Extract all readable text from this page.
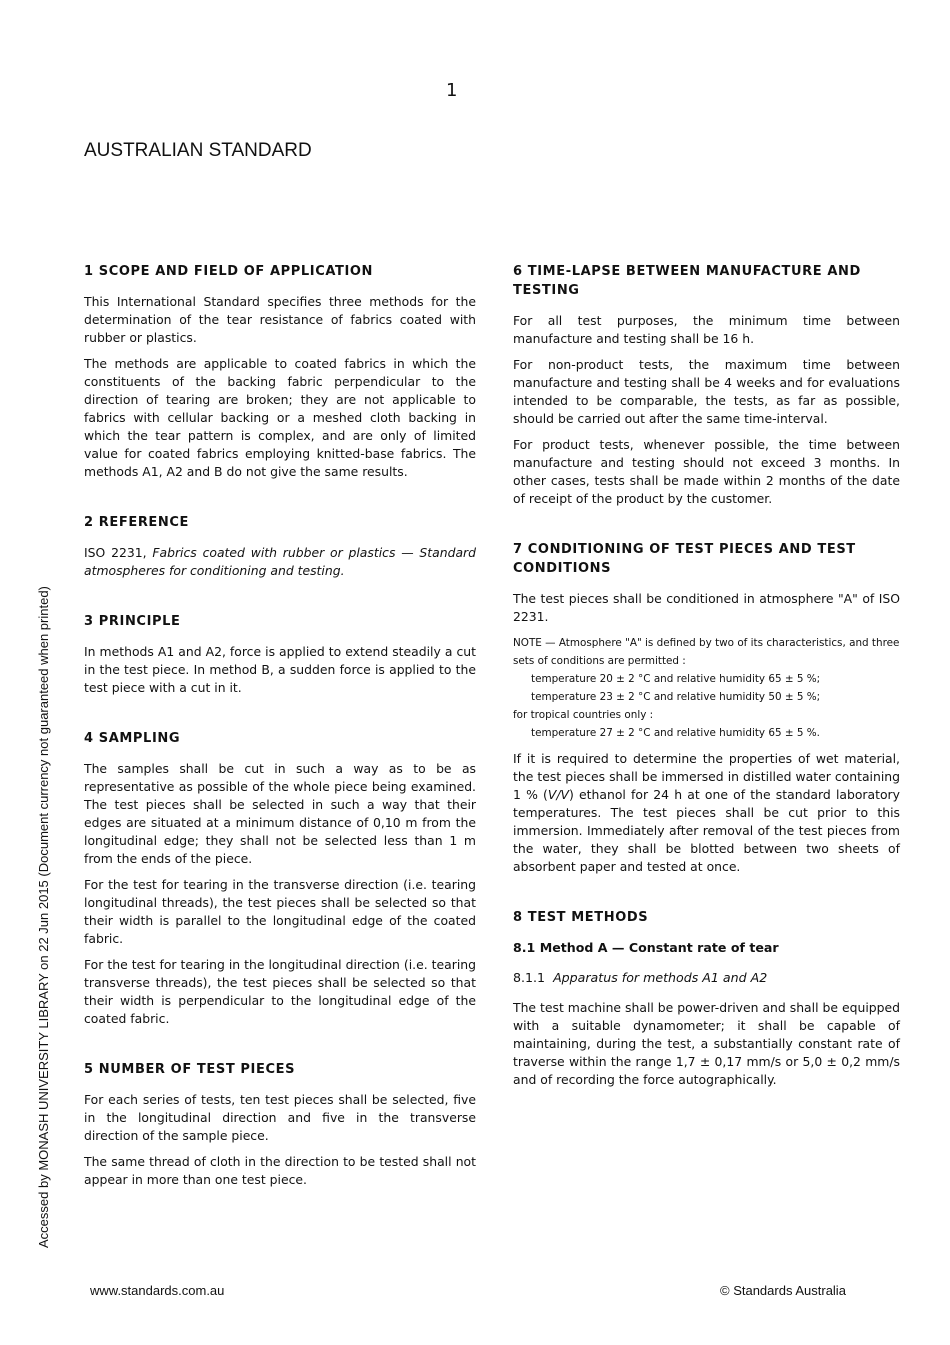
1
AUSTRALIAN STANDARD
Accessed by MONASH UNIVERSITY LIBRARY on 22 Jun 2015 (Document currency not guaranteed when printed)
1 SCOPE AND FIELD OF APPLICATION

This International Standard specifies three methods for the determination of the tear resistance of fabrics coated with rubber or plastics.

The methods are applicable to coated fabrics in which the constituents of the backing fabric perpendicular to the direction of tearing are broken; they are not applicable to fabrics with cellular backing or a meshed cloth backing in which the tear pattern is complex, and are only of limited value for coated fabrics employing knitted-base fabrics. The methods A1, A2 and B do not give the same results.

2 REFERENCE

ISO 2231, Fabrics coated with rubber or plastics — Standard atmospheres for conditioning and testing.

3 PRINCIPLE

In methods A1 and A2, force is applied to extend steadily a cut in the test piece. In method B, a sudden force is applied to the test piece with a cut in it.

4 SAMPLING

The samples shall be cut in such a way as to be as representative as possible of the whole piece being examined. The test pieces shall be selected in such a way that their edges are situated at a minimum distance of 0,10 m from the longitudinal edge; they shall not be selected less than 1 m from the ends of the piece.

For the test for tearing in the transverse direction (i.e. tearing longitudinal threads), the test pieces shall be selected so that their width is parallel to the longitudinal edge of the coated fabric.

For the test for tearing in the longitudinal direction (i.e. tearing transverse threads), the test pieces shall be selected so that their width is perpendicular to the longitudinal edge of the coated fabric.

5 NUMBER OF TEST PIECES

For each series of tests, ten test pieces shall be selected, five in the longitudinal direction and five in the transverse direction of the sample piece.

The same thread of cloth in the direction to be tested shall not appear in more than one test piece.

6 TIME-LAPSE BETWEEN MANUFACTURE AND TESTING

For all test purposes, the minimum time between manufacture and testing shall be 16 h.

For non-product tests, the maximum time between manufacture and testing shall be 4 weeks and for evaluations intended to be comparable, the tests, as far as possible, should be carried out after the same time-interval.

For product tests, whenever possible, the time between manufacture and testing should not exceed 3 months. In other cases, tests shall be made within 2 months of the date of receipt of the product by the customer.

7 CONDITIONING OF TEST PIECES AND TEST CONDITIONS

The test pieces shall be conditioned in atmosphere "A" of ISO 2231.

NOTE — Atmosphere "A" is defined by two of its characteristics, and three sets of conditions are permitted :
temperature 20 ± 2 °C and relative humidity 65 ± 5 %;
temperature 23 ± 2 °C and relative humidity 50 ± 5 %;
for tropical countries only :
temperature 27 ± 2 °C and relative humidity 65 ± 5 %.

If it is required to determine the properties of wet material, the test pieces shall be immersed in distilled water containing 1 % (V/V) ethanol for 24 h at one of the standard laboratory temperatures. The test pieces shall be cut prior to this immersion. Immediately after removal of the test pieces from the water, they shall be blotted between two sheets of absorbent paper and tested at once.

8 TEST METHODS
8.1 Method A — Constant rate of tear
8.1.1 Apparatus for methods A1 and A2

The test machine shall be power-driven and shall be equipped with a suitable dynamometer; it shall be capable of maintaining, during the test, a substantially constant rate of traverse within the range 1,7 ± 0,17 mm/s or 5,0 ± 0,2 mm/s and of recording the force autographically.

www.standards.com.au	© Standards Australia
